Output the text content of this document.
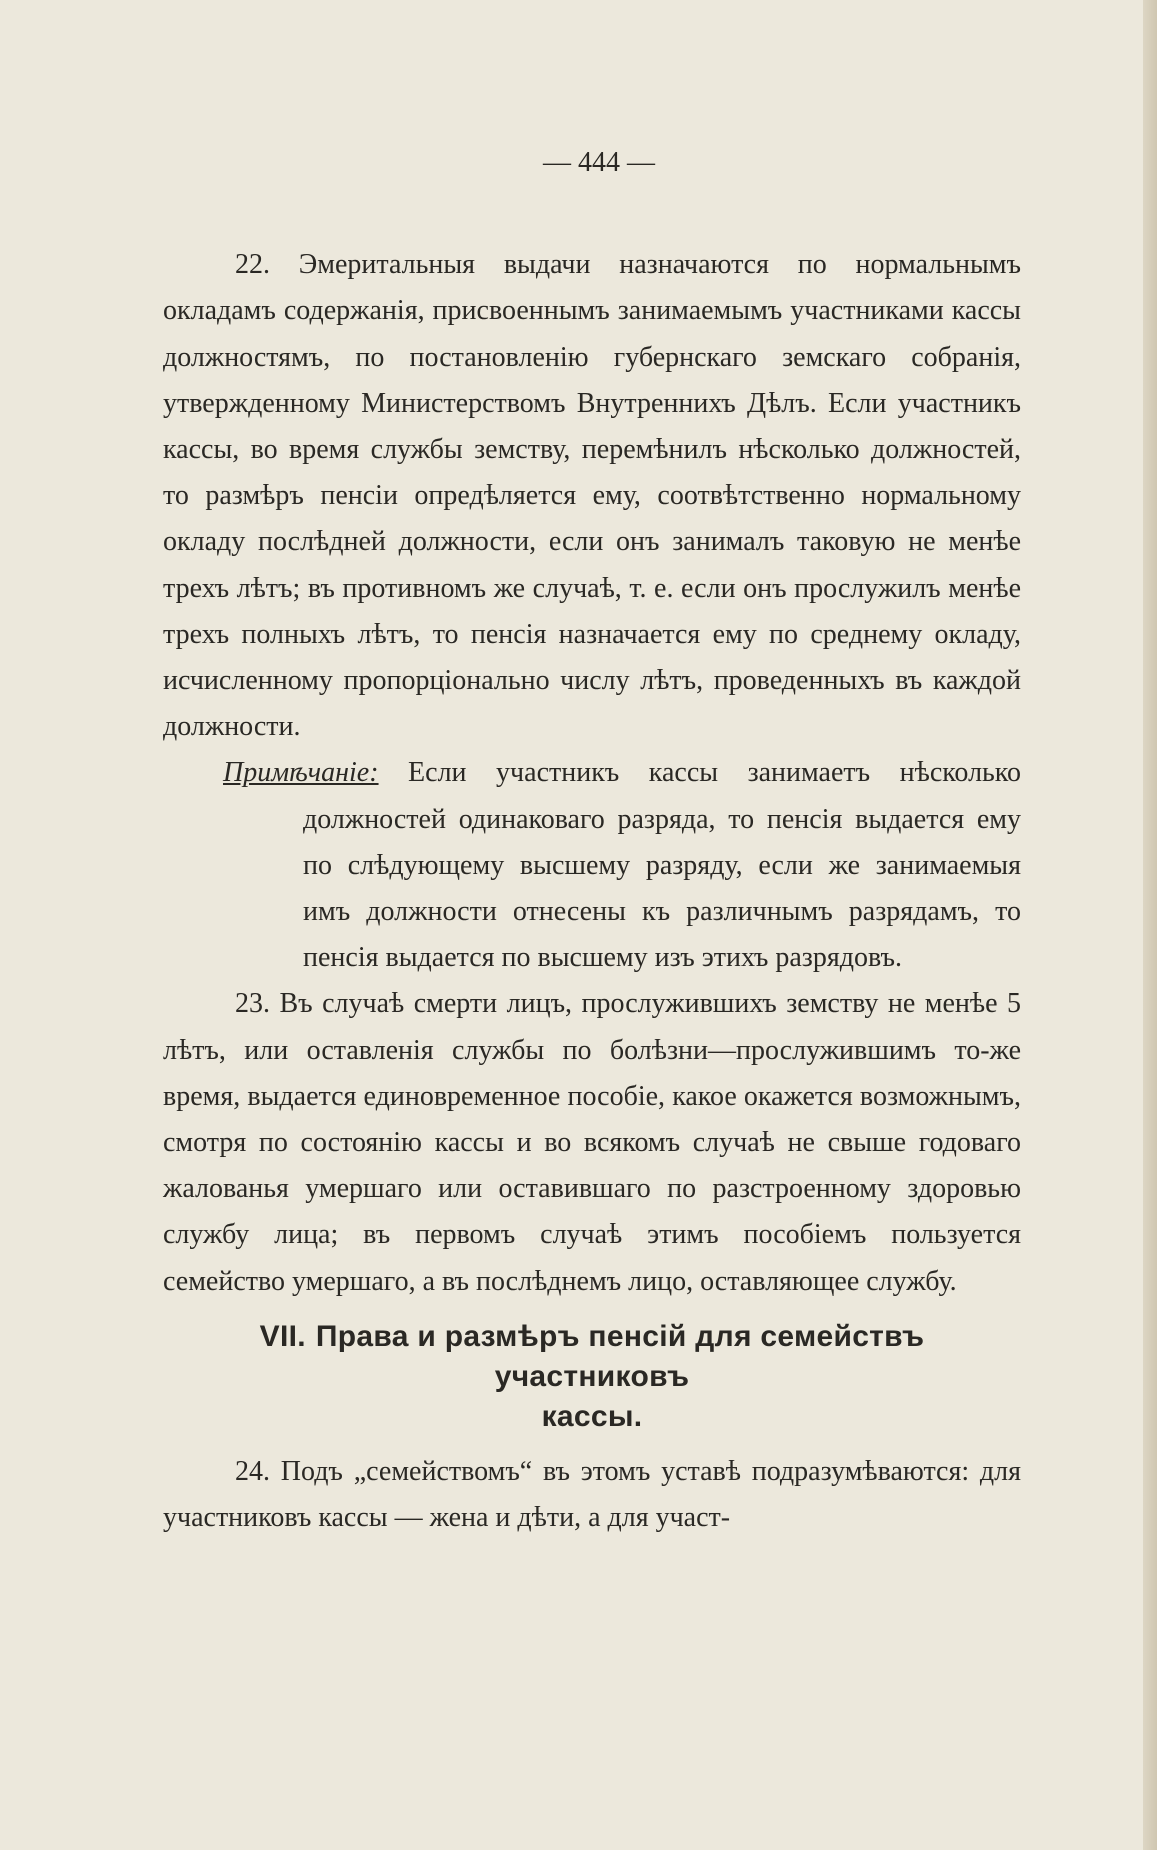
— 444 —

22. Эмеритальныя выдачи назначаются по нормальнымъ окладамъ содержанія, присвоеннымъ занимаемымъ участниками кассы должностямъ, по постановленію губернскаго земскаго собранія, утвержденному Министерствомъ Внутреннихъ Дѣлъ. Если участникъ кассы, во время службы земству, перемѣнилъ нѣсколько должностей, то размѣръ пенсіи опредѣляется ему, соотвѣтственно нормальному окладу послѣдней должности, если онъ занималъ таковую не менѣе трехъ лѣтъ; въ противномъ же случаѣ, т. е. если онъ прослужилъ менѣе трехъ полныхъ лѣтъ, то пенсія назначается ему по среднему окладу, исчисленному пропорціонально числу лѣтъ, проведенныхъ въ каждой должности.

Примѣчаніе: Если участникъ кассы занимаетъ нѣсколько должностей одинаковаго разряда, то пенсія выдается ему по слѣдующему высшему разряду, если же занимаемыя имъ должности отнесены къ различнымъ разрядамъ, то пенсія выдается по высшему изъ этихъ разрядовъ.

23. Въ случаѣ смерти лицъ, прослужившихъ земству не менѣе 5 лѣтъ, или оставленія службы по болѣзни—прослужившимъ то-же время, выдается единовременное пособіе, какое окажется возможнымъ, смотря по состоянію кассы и во всякомъ случаѣ не свыше годоваго жалованья умершаго или оставившаго по разстроенному здоровью службу лица; въ первомъ случаѣ этимъ пособіемъ пользуется семейство умершаго, а въ послѣднемъ лицо, оставляющее службу.

VII. Права и размѣръ пенсій для семействъ участниковъ
кассы.

24. Подъ „семействомъ“ въ этомъ уставѣ подразумѣваются: для участниковъ кассы — жена и дѣти, а для участ-
